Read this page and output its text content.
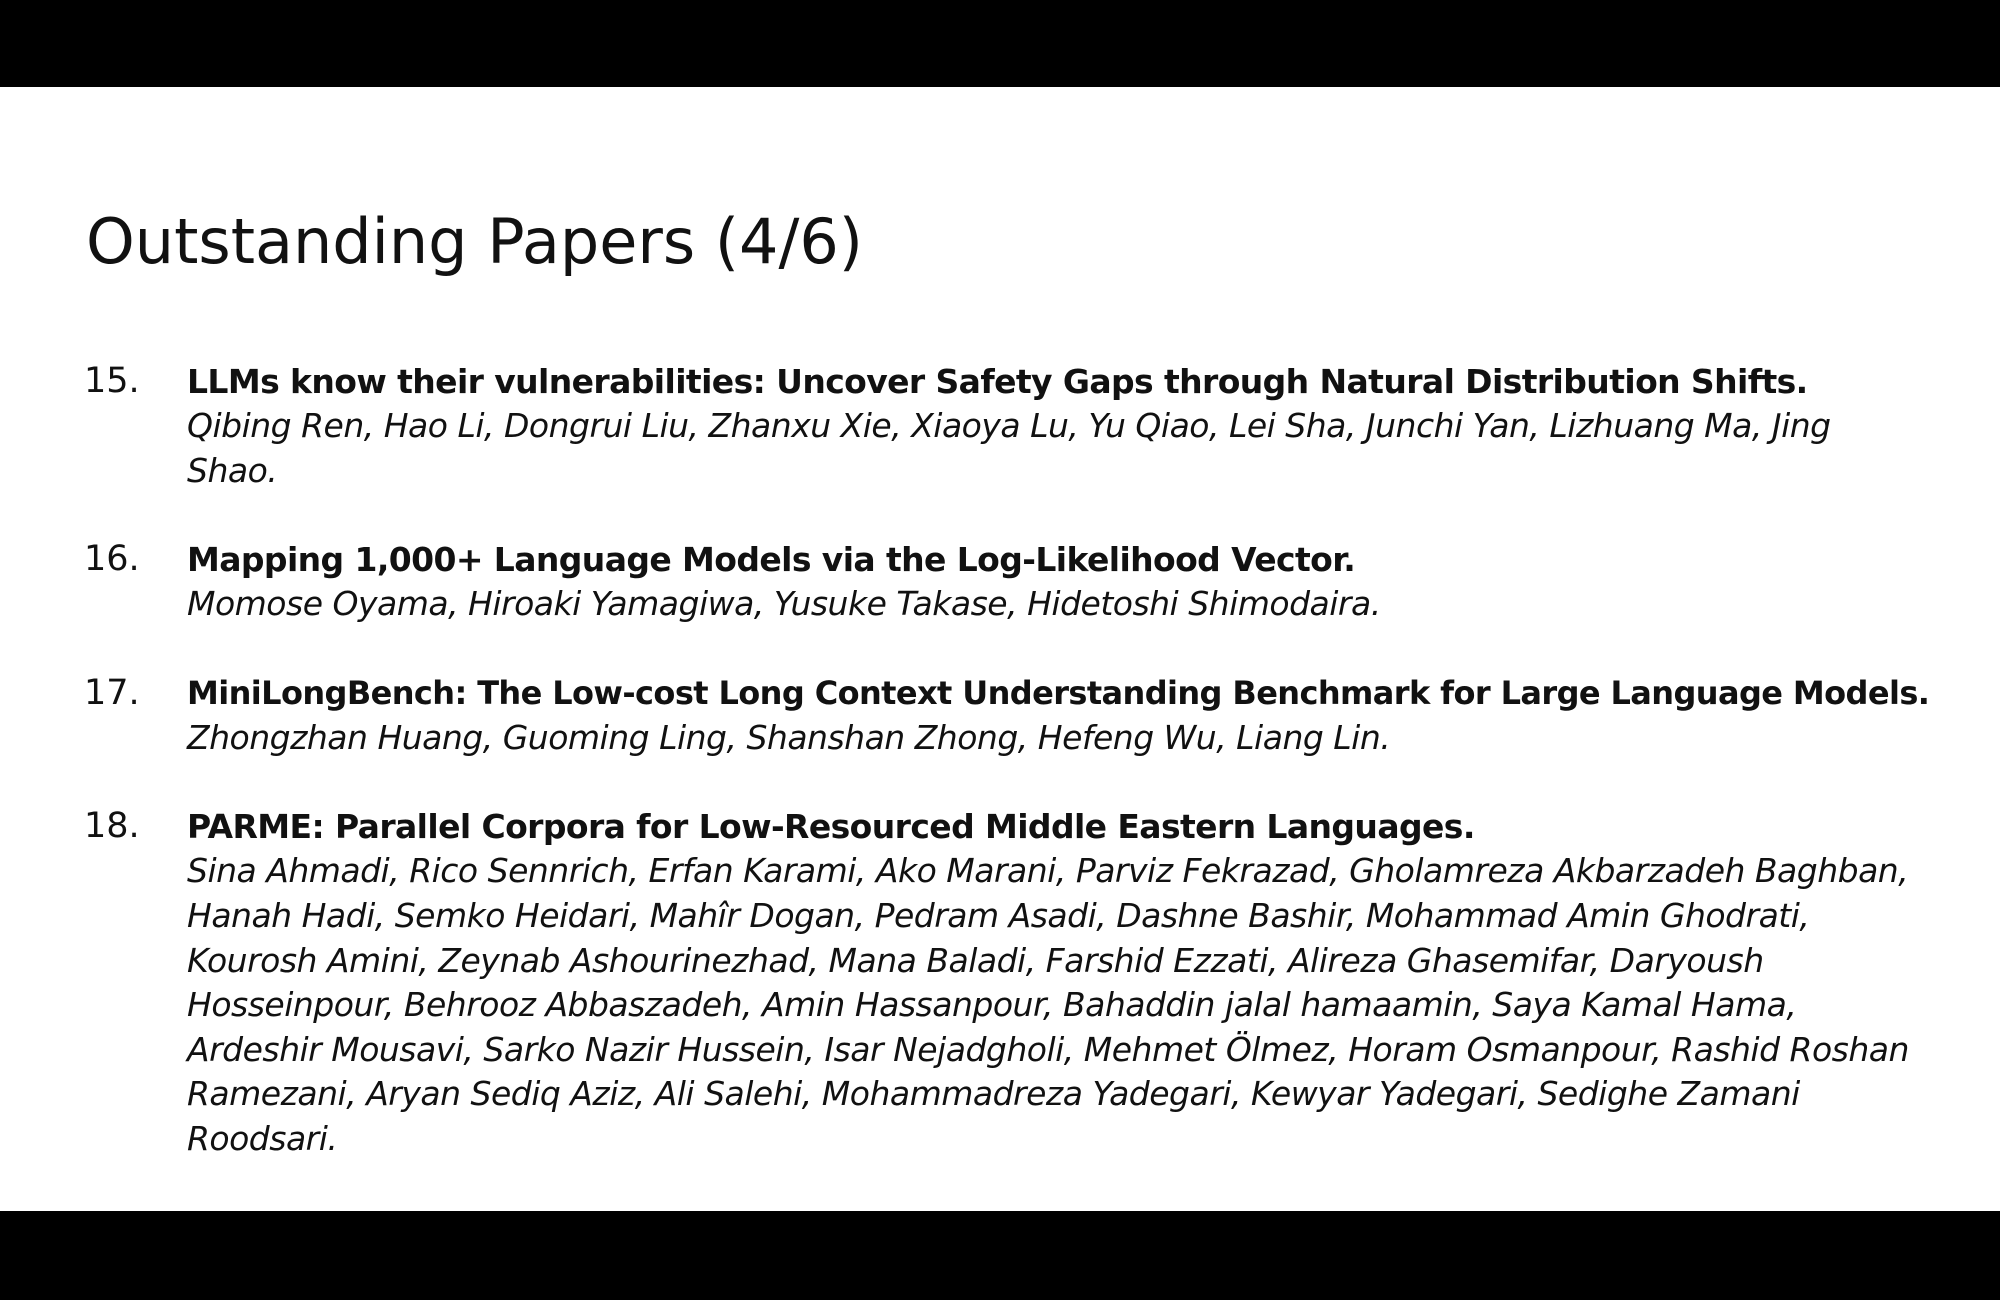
Outstanding Papers (4/6)
15.	LLMs know their vulnerabilities: Uncover Safety Gaps through Natural Distribution Shifts.
Qibing Ren, Hao Li, Dongrui Liu, Zhanxu Xie, Xiaoya Lu, Yu Qiao, Lei Sha, Junchi Yan, Lizhuang Ma, Jing Shao.
16.	Mapping 1,000+ Language Models via the Log-Likelihood Vector.
Momose Oyama, Hiroaki Yamagiwa, Yusuke Takase, Hidetoshi Shimodaira.
17.	MiniLongBench: The Low-cost Long Context Understanding Benchmark for Large Language Models.
Zhongzhan Huang, Guoming Ling, Shanshan Zhong, Hefeng Wu, Liang Lin.
18.	PARME: Parallel Corpora for Low-Resourced Middle Eastern Languages.
Sina Ahmadi, Rico Sennrich, Erfan Karami, Ako Marani, Parviz Fekrazad, Gholamreza Akbarzadeh Baghban, Hanah Hadi, Semko Heidari, Mahîr Dogan, Pedram Asadi, Dashne Bashir, Mohammad Amin Ghodrati, Kourosh Amini, Zeynab Ashourinezhad, Mana Baladi, Farshid Ezzati, Alireza Ghasemifar, Daryoush Hosseinpour, Behrooz Abbaszadeh, Amin Hassanpour, Bahaddin jalal hamaamin, Saya Kamal Hama, Ardeshir Mousavi, Sarko Nazir Hussein, Isar Nejadgholi, Mehmet Ölmez, Horam Osmanpour, Rashid Roshan Ramezani, Aryan Sediq Aziz, Ali Salehi, Mohammadreza Yadegari, Kewyar Yadegari, Sedighe Zamani Roodsari.
